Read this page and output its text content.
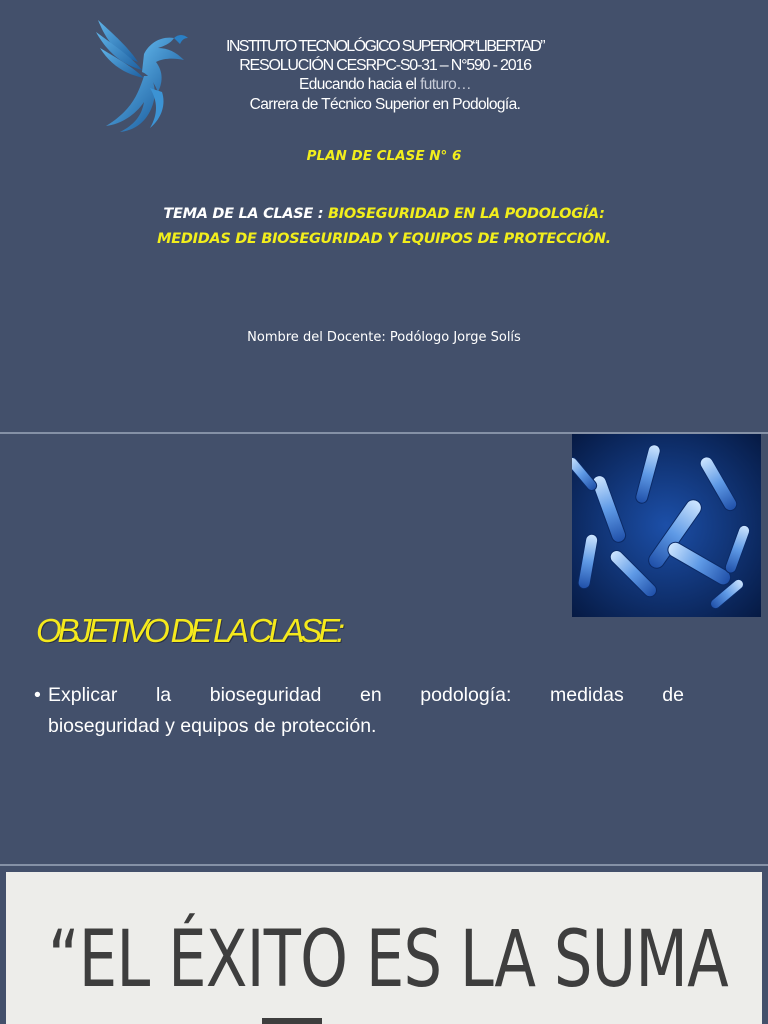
INSTITUTO TECNOLÓGICO SUPERIOR“LIBERTAD”
RESOLUCIÓN CESRPC-S0-31 – N°590 - 2016
Educando hacia el futuro…
Carrera de Técnico Superior en Podología.
PLAN DE CLASE N° 6
TEMA DE LA CLASE : BIOSEGURIDAD EN LA PODOLOGÍA:
MEDIDAS DE BIOSEGURIDAD Y EQUIPOS DE PROTECCIÓN.
Nombre del Docente: Podólogo Jorge Solís
OBJETIVO DE LA CLASE:
• Explicar la bioseguridad en podología: medidas de
bioseguridad y equipos de protección.
“EL ÉXITO ES LA SUMA
